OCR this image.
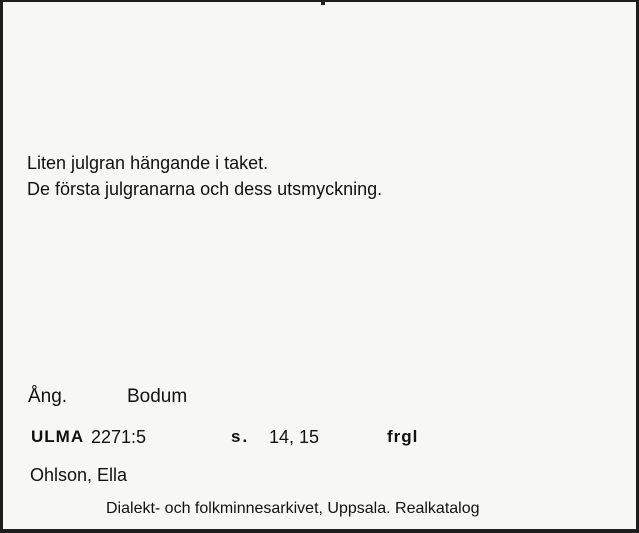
Liten julgran hängande i taket.
De första julgranarna och dess utsmyckning.
Ång.	Bodum
ULMA 2271:5	s. 14, 15	frgl
Ohlson, Ella
Dialekt- och folkminnesarkivet, Uppsala. Realkatalog
